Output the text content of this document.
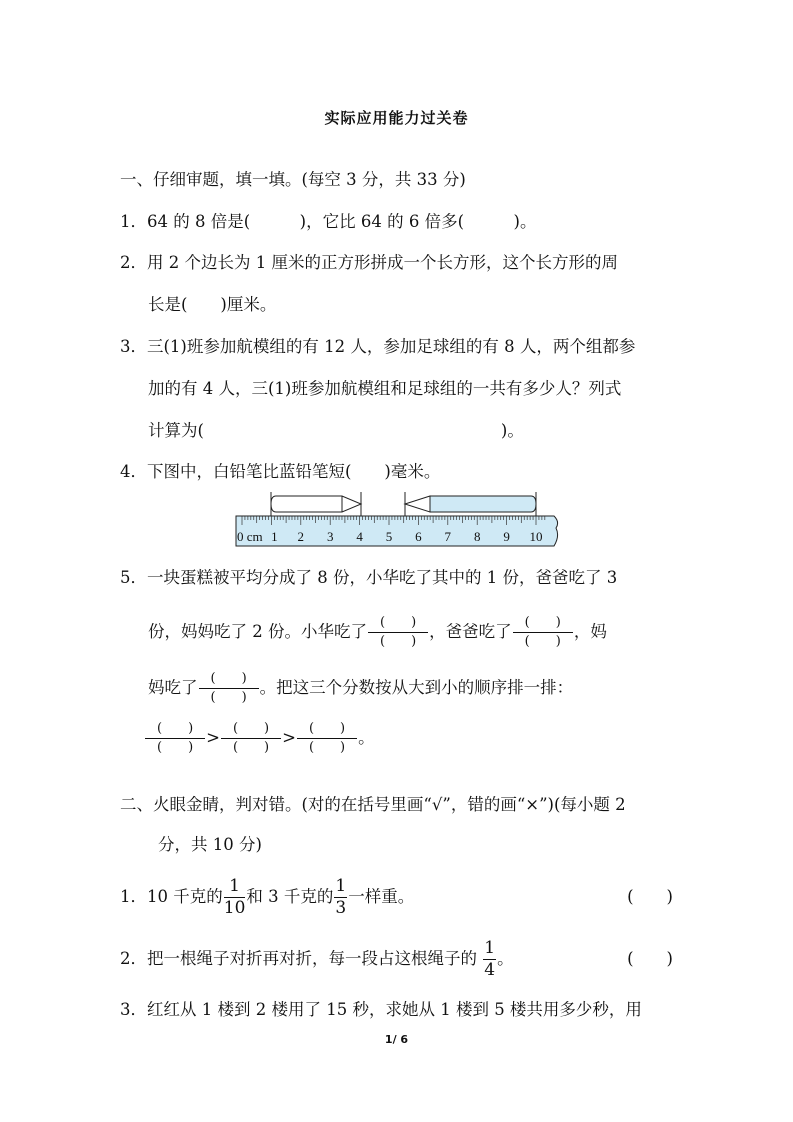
实际应用能力过关卷
一、仔细审题，填一填。(每空 3 分，共 33 分)
1．64 的 8 倍是(　　　)，它比 64 的 6 倍多(　　　)。
2．用 2 个边长为 1 厘米的正方形拼成一个长方形，这个长方形的周
长是(　　)厘米。
3．三(1)班参加航模组的有 12 人，参加足球组的有 8 人，两个组都参
加的有 4 人，三(1)班参加航模组和足球组的一共有多少人？列式
计算为(　　　　　　　　　　　　　　　　　　)。
4．下图中，白铅笔比蓝铅笔短(　　)毫米。
0 cm 1 2 3 4 5 6 7 8 9 10
5．一块蛋糕被平均分成了 8 份，小华吃了其中的 1 份，爸爸吃了 3
份，妈妈吃了 2 份。小华吃了 $\frac{( )}{( )}$ ，爸爸吃了 $\frac{( )}{( )}$ ，妈
妈吃了 $\frac{( )}{( )}$ 。把这三个分数按从大到小的顺序排一排：
$\frac{( )}{( )} > \frac{( )}{( )} > \frac{( )}{( )}$ 。
二、火眼金睛，判对错。(对的在括号里画“√”，错的画“×”)(每小题 2
分，共 10 分)
1．10 千克的 $\frac{1}{10}$ 和 3 千克的 $\frac{1}{3}$ 一样重。	(　　)
2．把一根绳子对折再对折，每一段占这根绳子的 $\frac{1}{4}$ 。	(　　)
3．红红从 1 楼到 2 楼用了 15 秒，求她从 1 楼到 5 楼共用多少秒，用
1/ 6
